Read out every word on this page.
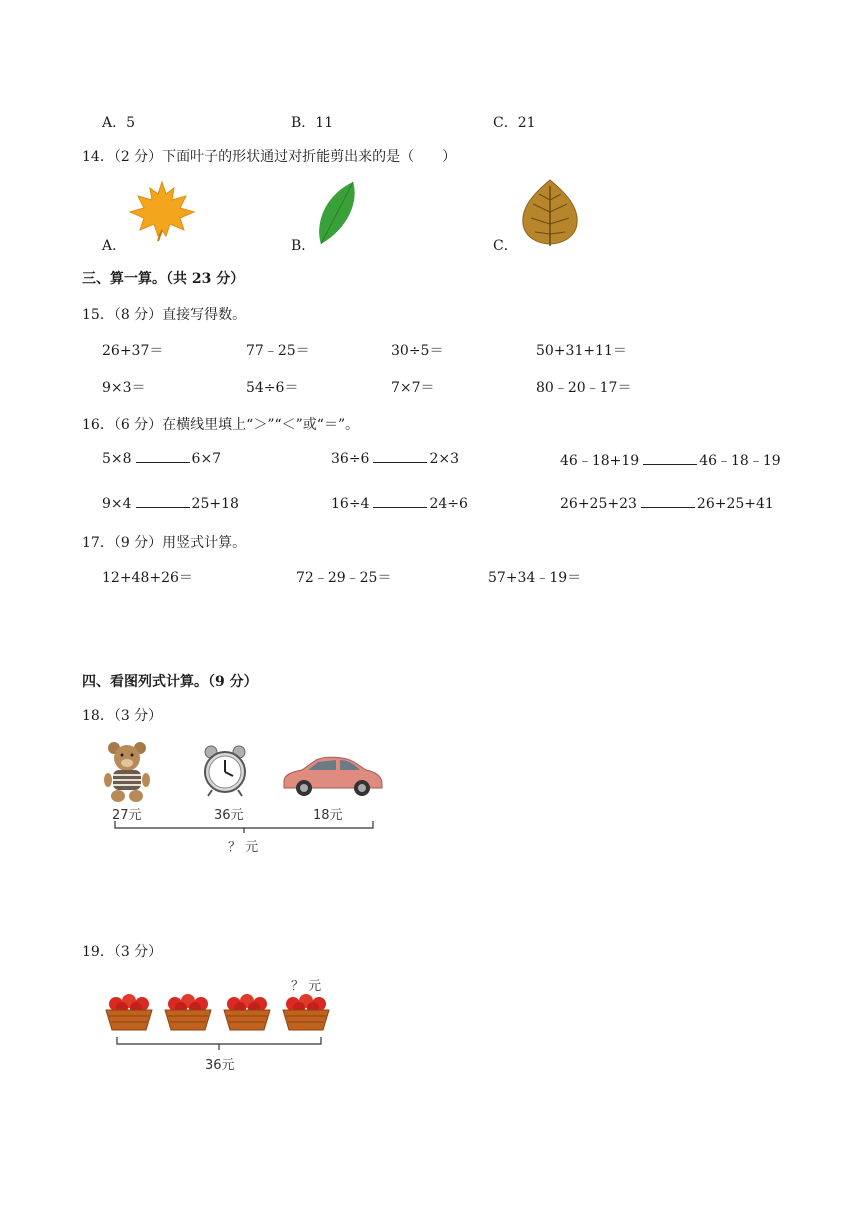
A．5	B．11	C．21
14．（2 分）下面叶子的形状通过对折能剪出来的是（　　）
A．	B．	C．
三、算一算。（共 23 分）
15．（8 分）直接写得数。
26+37＝	77﹣25＝	30÷5＝	50+31+11＝
9×3＝	54÷6＝	7×7＝	80﹣20﹣17＝
16．（6 分）在横线里填上“＞”“＜”或“＝”。
5×8	6×7	36÷6	2×3	46﹣18+19	46﹣18﹣19
9×4	25+18	16÷4	24÷6	26+25+23	26+25+41
17．（9 分）用竖式计算。
12+48+26＝	72﹣29﹣25＝	57+34﹣19＝
四、看图列式计算。（9 分）
18．（3 分）
27元	36元	18元
？ 元
19．（3 分）
？ 元
36元
